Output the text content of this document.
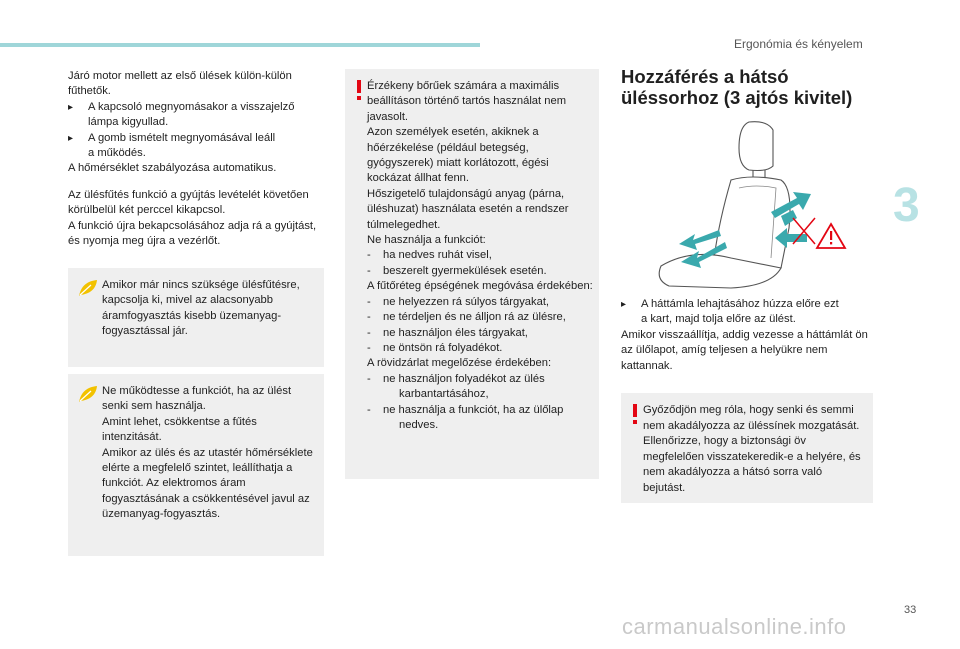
Ergonómia és kényelem
3

Járó motor mellett az első ülések külön-külön fűthetők.

▸ A kapcsoló megnyomásakor a visszajelző
lámpa kigyullad.
▸ A gomb ismételt megnyomásával leáll
a működés.

A hőmérséklet szabályozása automatikus.

Az ülésfűtés funkció a gyújtás levételét követően körülbelül két perccel kikapcsol.
A funkció újra bekapcsolásához adja rá a gyújtást, és nyomja meg újra a vezérlőt.

Amikor már nincs szüksége ülésfűtésre, kapcsolja ki, mivel az alacsonyabb áramfogyasztás kisebb üzemanyag-fogyasztással jár.

Ne működtesse a funkciót, ha az ülést senki sem használja.
Amint lehet, csökkentse a fűtés intenzitását.
Amikor az ülés és az utastér hőmérséklete elérte a megfelelő szintet, leállíthatja a funkciót. Az elektromos áram fogyasztásának a csökkentésével javul az üzemanyag-fogyasztás.

Érzékeny bőrűek számára a maximális beállításon történő tartós használat nem javasolt.
Azon személyek esetén, akiknek a hőérzékelése (például betegség, gyógyszerek) miatt korlátozott, égési kockázat állhat fenn.
Hőszigetelő tulajdonságú anyag (párna, üléshuzat) használata esetén a rendszer túlmelegedhet.
Ne használja a funkciót:

- ha nedves ruhát visel,
- beszerelt gyermekülések esetén.

A fűtőréteg épségének megóvása érdekében:

- ne helyezzen rá súlyos tárgyakat,
- ne térdeljen és ne álljon rá az ülésre,
- ne használjon éles tárgyakat,
- ne öntsön rá folyadékot.

A rövidzárlat megelőzése érdekében:

- ne használjon folyadékot az ülés
karbantartásához,
- ne használja a funkciót, ha az ülőlap
nedves.
Hozzáférés a hátsó üléssorhoz (3 ajtós kivitel)
▸ A háttámla lehajtásához húzza előre ezt
a kart, majd tolja előre az ülést.

Amikor visszaállítja, addig vezesse a háttámlát ön az ülőlapot, amíg teljesen a helyükre nem kattannak.

Győződjön meg róla, hogy senki és semmi nem akadályozza az üléssínek mozgatását.
Ellenőrizze, hogy a biztonsági öv megfelelően visszatekeredik-e a helyére, és nem akadályozza a hátsó sorra való bejutást.

33
carmanualsonline.info
